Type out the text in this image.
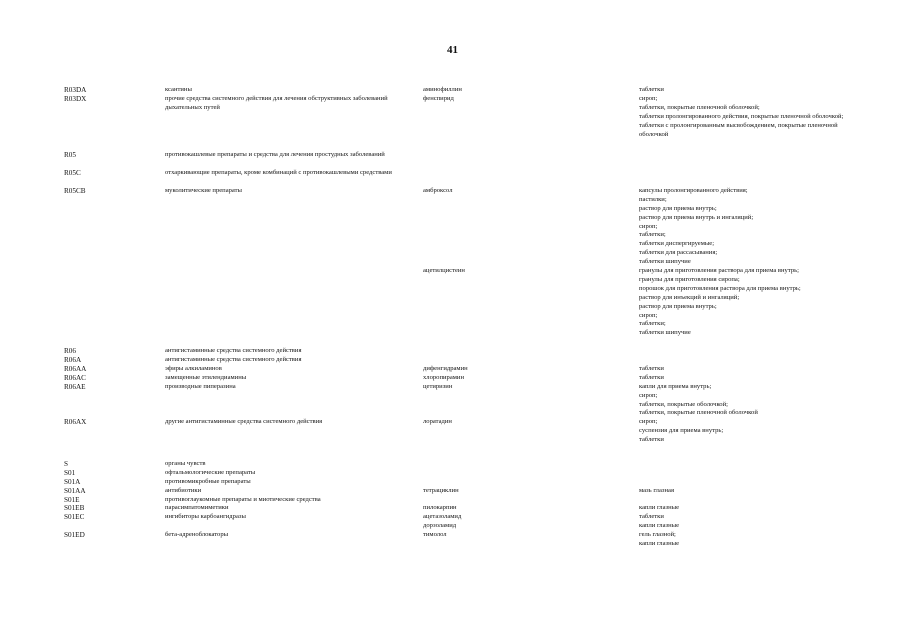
41
R03DA	ксантины	аминофиллин	таблетки
R03DX	прочие средства системного действия для лечения обструктивных заболеваний дыхательных путей
фенспирид	сироп;
таблетки, покрытые пленочной оболочкой;
таблетки пролонгированного действия, покрытые пленочной оболочкой;
таблетки с пролонгированным высвобождением, покрытые пленочной оболочкой
R05	противокашлевые препараты и средства для лечения простудных заболеваний
R05C	отхаркивающие препараты, кроме комбинаций с противокашлевыми средствами
R05CB	муколитические препараты	амброксол	капсулы пролонгированного действия;
пастилки;
раствор для приема внутрь;
раствор для приема внутрь и ингаляций;
сироп;
таблетки;
таблетки диспергируемые;
таблетки для рассасывания;
таблетки шипучие
ацетилцистеин	гранулы для приготовления раствора для приема внутрь;
гранулы для приготовления сиропа;
порошок для приготовления раствора для приема внутрь;
раствор для инъекций и ингаляций;
раствор для приема внутрь;
сироп;
таблетки;
таблетки шипучие
R06	антигистаминные средства системного действия
R06A	антигистаминные средства системного действия
R06AA	эфиры алкиламинов	дифенгидрамин	таблетки
R06AC	замещенные этилендиамины	хлоропирамин	таблетки
R06AE	производные пиперазина	цетиризин	капли для приема внутрь;
сироп;
таблетки, покрытые оболочкой;
таблетки, покрытые пленочной оболочкой
R06AX	другие антигистаминные средства системного действия	лоратадин	сироп;
суспензия для приема внутрь;
таблетки
S	органы чувств
S01	офтальмологические препараты
S01A	противомикробные препараты
S01AA	антибиотики	тетрациклин	мазь глазная
S01E	противоглаукомные препараты и миотические средства
S01EB	парасимпатомиметики	пилокарпин	капли глазные
S01EC	ингибиторы карбоангидразы	ацетазоламид	таблетки
дорзоламид	капли глазные
S01ED	бета-адреноблокаторы	тимолол	гель глазной;
капли глазные
